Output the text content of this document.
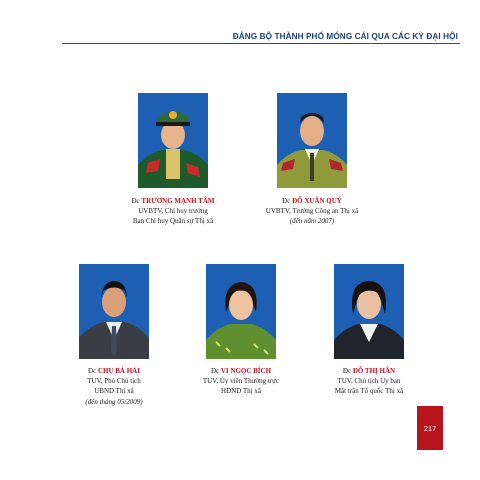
ĐẢNG BỘ THÀNH PHỐ MÓNG CÁI QUA CÁC KỲ ĐẠI HỘI
Đc TRƯƠNG MẠNH TÂM
UVBTV, Chỉ huy trưởng
Ban Chỉ huy Quân sự Thị xã
Đc ĐỖ XUÂN QUÝ
UVBTV, Trưởng Công an Thị xã
(đến năm 2007)
Đc CHU BÁ HẢI
TUV, Phó Chủ tịch
UBND Thị xã
(đến tháng 05/2009)
Đc VI NGỌC BÍCH
TUV, Ủy viên Thường trực
HĐND Thị xã
Đc ĐỖ THỊ HÂN
TUV, Chủ tịch Ủy ban
Mặt trận Tổ quốc Thị xã
217
